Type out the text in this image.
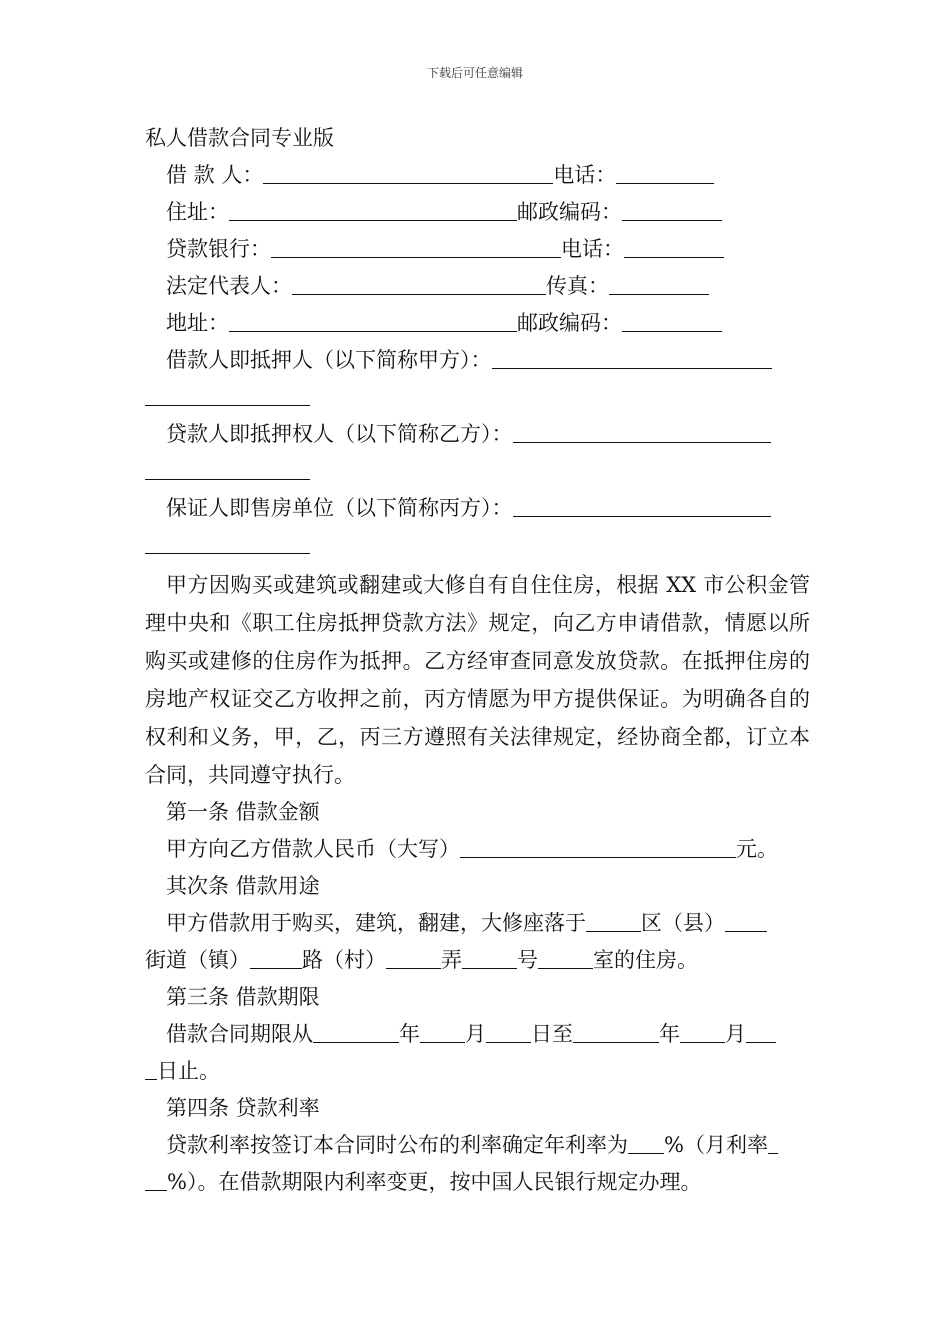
下载后可任意编辑
私人借款合同专业版
借 款 人：	电话：
住址：	邮政编码：
贷款银行：	电话：
法定代表人：	传真：
地址：	邮政编码：
借款人即抵押人（以下简称甲方）：
贷款人即抵押权人（以下简称乙方）：
保证人即售房单位（以下简称丙方）：
甲方因购买或建筑或翻建或大修自有自住住房，根据 XX 市公积金管理中央和《职工住房抵押贷款方法》规定，向乙方申请借款，情愿以所购买或建修的住房作为抵押。乙方经审查同意发放贷款。在抵押住房的房地产权证交乙方收押之前，丙方情愿为甲方提供保证。为明确各自的权利和义务，甲，乙，丙三方遵照有关法律规定，经协商全都，订立本合同，共同遵守执行。
第一条 借款金额
甲方向乙方借款人民币（大写）	元。
其次条 借款用途
甲方借款用于购买，建筑，翻建，大修座落于	区（县）
街道（镇） 路（村）	弄	号	室的住房。
第三条 借款期限
借款合同期限从	年 月 日至	年 月
日止。
第四条 贷款利率
贷款利率按签订本合同时公布的利率确定年利率为 %（月利率
%）。在借款期限内利率变更，按中国人民银行规定办理。
